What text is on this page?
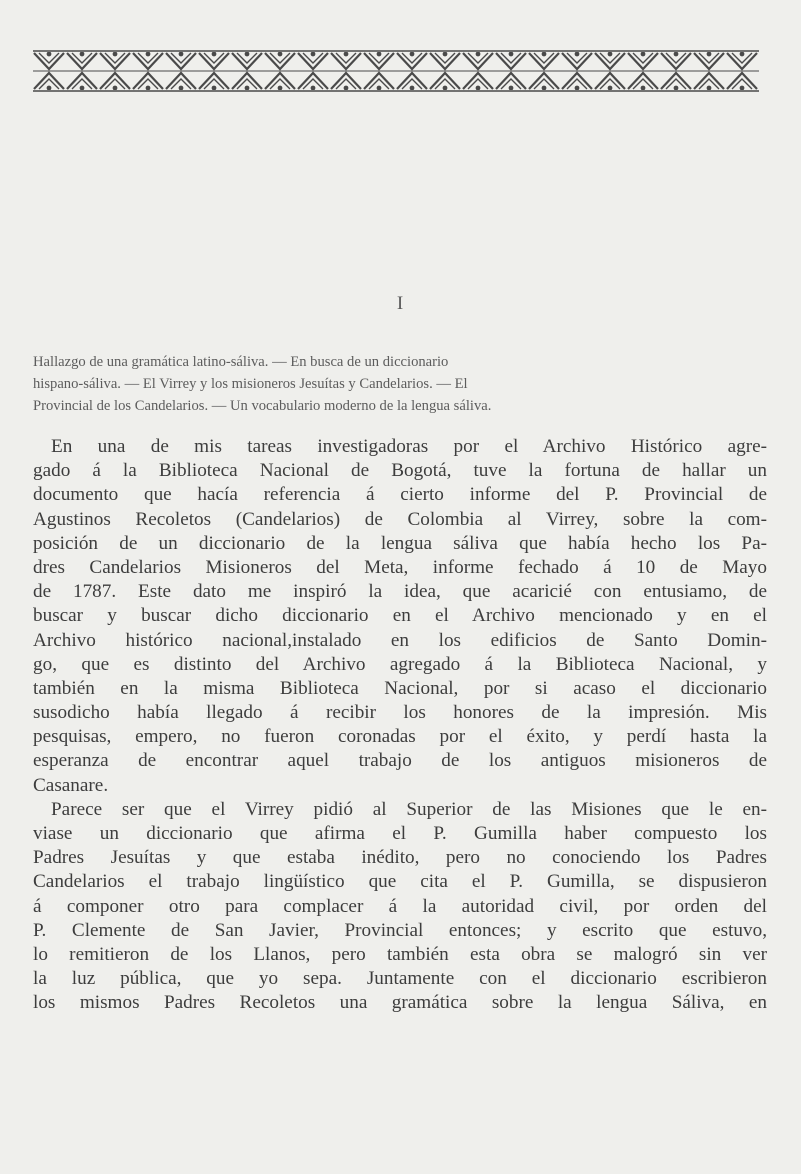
I
Hallazgo de una gramática latino-sáliva. — En busca de un diccionario
hispano-sáliva. — El Virrey y los misioneros Jesuítas y Candelarios. — El
Provincial de los Candelarios. — Un vocabulario moderno de la lengua sáliva.
En una de mis tareas investigadoras por el Archivo Histórico agre-
gado á la Biblioteca Nacional de Bogotá, tuve la fortuna de hallar un
documento que hacía referencia á cierto informe del P. Provincial de
Agustinos Recoletos (Candelarios) de Colombia al Virrey, sobre la com-
posición de un diccionario de la lengua sáliva que había hecho los Pa-
dres Candelarios Misioneros del Meta, informe fechado á 10 de Mayo
de 1787. Este dato me inspiró la idea, que acaricié con entusiamo, de
buscar y buscar dicho diccionario en el Archivo mencionado y en el
Archivo histórico nacional,instalado en los edificios de Santo Domin-
go, que es distinto del Archivo agregado á la Biblioteca Nacional, y
también en la misma Biblioteca Nacional, por si acaso el diccionario
susodicho había llegado á recibir los honores de la impresión. Mis
pesquisas, empero, no fueron coronadas por el éxito, y perdí hasta la
esperanza de encontrar aquel trabajo de los antiguos misioneros de
Casanare.
Parece ser que el Virrey pidió al Superior de las Misiones que le en-
viase un diccionario que afirma el P. Gumilla haber compuesto los
Padres Jesuítas y que estaba inédito, pero no conociendo los Padres
Candelarios el trabajo lingüístico que cita el P. Gumilla, se dispusieron
á componer otro para complacer á la autoridad civil, por orden del
P. Clemente de San Javier, Provincial entonces; y escrito que estuvo,
lo remitieron de los Llanos, pero también esta obra se malogró sin ver
la luz pública, que yo sepa. Juntamente con el diccionario escribieron
los mismos Padres Recoletos una gramática sobre la lengua Sáliva, en
